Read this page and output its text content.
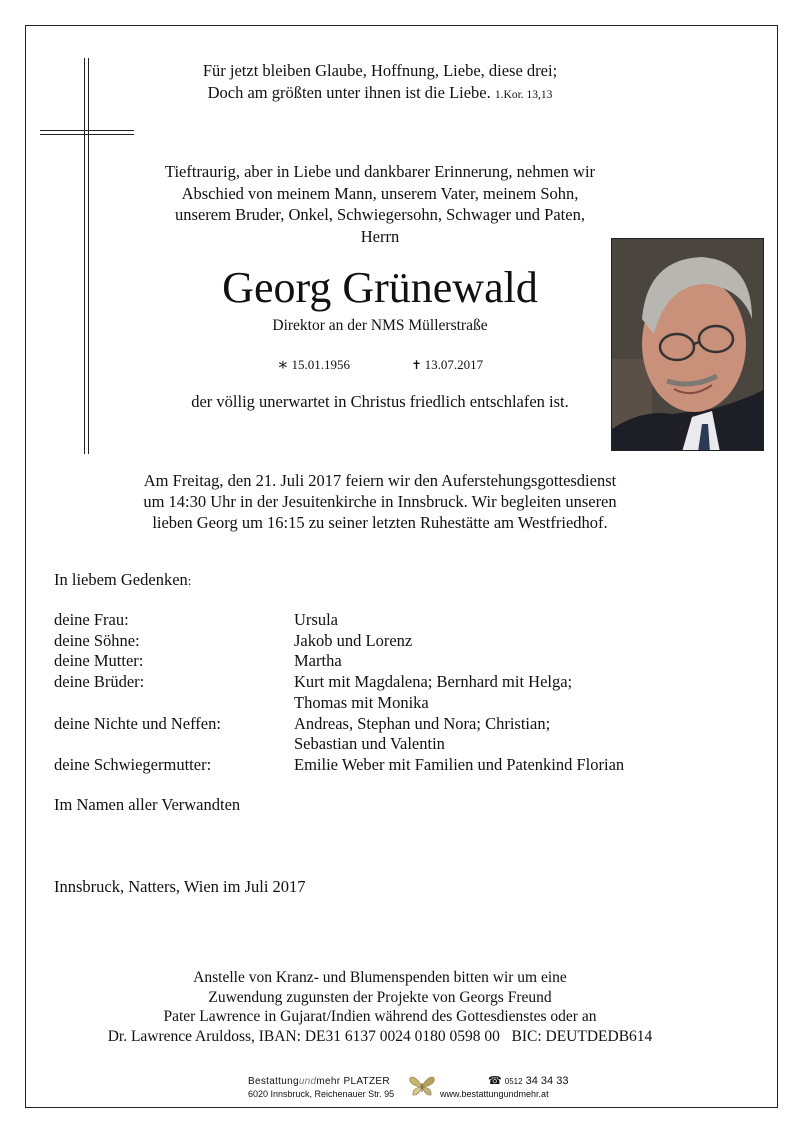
Für jetzt bleiben Glaube, Hoffnung, Liebe, diese drei;
Doch am größten unter ihnen ist die Liebe. 1.Kor. 13,13
Tieftraurig, aber in Liebe und dankbarer Erinnerung, nehmen wir
Abschied von meinem Mann, unserem Vater, meinem Sohn,
unserem Bruder, Onkel, Schwiegersohn, Schwager und Paten,
Herrn
Georg Grünewald
Direktor an der NMS Müllerstraße
∗ 15.01.1956	✝ 13.07.2017
der völlig unerwartet in Christus friedlich entschlafen ist.
Am Freitag, den 21. Juli 2017 feiern wir den Auferstehungsgottesdienst
um 14:30 Uhr in der Jesuitenkirche in Innsbruck. Wir begleiten unseren
lieben Georg um 16:15 zu seiner letzten Ruhestätte am Westfriedhof.
In liebem Gedenken:
deine Frau:	Ursula
deine Söhne:	Jakob und Lorenz
deine Mutter:	Martha
deine Brüder:	Kurt mit Magdalena; Bernhard mit Helga;
Thomas mit Monika
deine Nichte und Neffen:	Andreas, Stephan und Nora; Christian;
Sebastian und Valentin
deine Schwiegermutter:	Emilie Weber mit Familien und Patenkind Florian
Im Namen aller Verwandten
Innsbruck, Natters, Wien im Juli 2017
Anstelle von Kranz- und Blumenspenden bitten wir um eine
Zuwendung zugunsten der Projekte von Georgs Freund
Pater Lawrence in Gujarat/Indien während des Gottesdienstes oder an
Dr. Lawrence Aruldoss, IBAN: DE31 6137 0024 0180 0598 00   BIC: DEUTDEDB614
Bestattungundmehr PLATZER
6020 Innsbruck, Reichenauer Str. 95
☎ 0512 34 34 33
www.bestattungundmehr.at
